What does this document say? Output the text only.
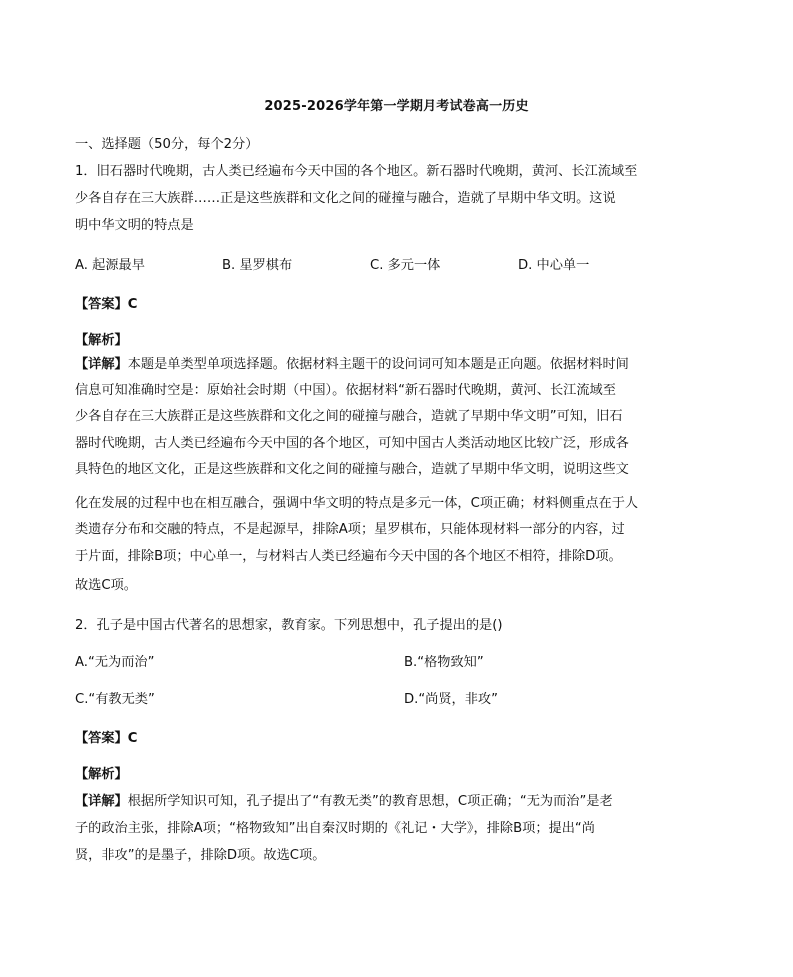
2025-2026学年第一学期月考试卷高一历史
一、选择题（50分，每个2分）
1．旧石器时代晚期，古人类已经遍布今天中国的各个地区。新石器时代晚期，黄河、长江流域至
少各自存在三大族群……正是这些族群和文化之间的碰撞与融合，造就了早期中华文明。这说
明中华文明的特点是
A. 起源最早	B. 星罗棋布	C. 多元一体	D. 中心单一
【答案】C
【解析】
【详解】本题是单类型单项选择题。依据材料主题干的设问词可知本题是正向题。依据材料时间
信息可知准确时空是：原始社会时期（中国）。依据材料“新石器时代晚期，黄河、长江流域至
少各自存在三大族群正是这些族群和文化之间的碰撞与融合，造就了早期中华文明”可知，旧石
器时代晚期，古人类已经遍布今天中国的各个地区，可知中国古人类活动地区比较广泛，形成各
具特色的地区文化，正是这些族群和文化之间的碰撞与融合，造就了早期中华文明，说明这些文
化在发展的过程中也在相互融合，强调中华文明的特点是多元一体，C项正确；材料侧重点在于人
类遗存分布和交融的特点，不是起源早，排除A项；星罗棋布，只能体现材料一部分的内容，过
于片面，排除B项；中心单一，与材料古人类已经遍布今天中国的各个地区不相符，排除D项。
故选C项。
2．孔子是中国古代著名的思想家，教育家。下列思想中，孔子提出的是()
A.“无为而治”	B.“格物致知”
C.“有教无类”	D.“尚贤，非攻”
【答案】C
【解析】
【详解】根据所学知识可知，孔子提出了“有教无类”的教育思想，C项正确；“无为而治”是老
子的政治主张，排除A项；“格物致知”出自秦汉时期的《礼记・大学》，排除B项；提出“尚
贤，非攻”的是墨子，排除D项。故选C项。
